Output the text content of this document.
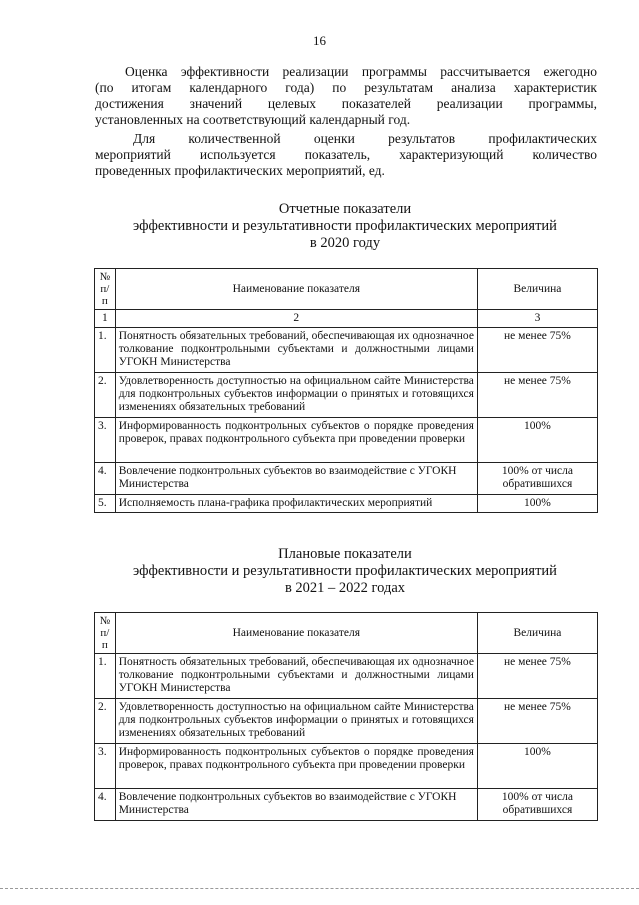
16
Оценка эффективности реализации программы рассчитывается ежегодно
(по итогам календарного года) по результатам анализа характеристик
достижения значений целевых показателей реализации программы,
установленных на соответствующий календарный год.
Для количественной оценки результатов профилактических
мероприятий используется показатель, характеризующий количество
проведенных профилактических мероприятий, ед.
Отчетные показатели
эффективности и результативности профилактических мероприятий
в 2020 году
№ п/п	Наименование показателя	Величина
1	2	3
1.	Понятность обязательных требований, обеспечивающая их однозначное толкование подконтрольными субъектами и должностными лицами УГОКН Министерства	не менее 75%
2.	Удовлетворенность доступностью на официальном сайте Министерства для подконтрольных субъектов информации о принятых и готовящихся изменениях обязательных требований	не менее 75%
3.	Информированность подконтрольных субъектов о порядке проведения проверок, правах подконтрольного субъекта при проведении проверки	100%
4.	Вовлечение подконтрольных субъектов во взаимодействие с УГОКН Министерства	100% от числа обратившихся
5.	Исполняемость плана-графика профилактических мероприятий	100%
Плановые показатели
эффективности и результативности профилактических мероприятий
в 2021 – 2022 годах
№ п/п	Наименование показателя	Величина
1.	Понятность обязательных требований, обеспечивающая их однозначное толкование подконтрольными субъектами и должностными лицами УГОКН Министерства	не менее 75%
2.	Удовлетворенность доступностью на официальном сайте Министерства для подконтрольных субъектов информации о принятых и готовящихся изменениях обязательных требований	не менее 75%
3.	Информированность подконтрольных субъектов о порядке проведения проверок, правах подконтрольного субъекта при проведении проверки	100%
4.	Вовлечение подконтрольных субъектов во взаимодействие с УГОКН Министерства	100% от числа обратившихся
